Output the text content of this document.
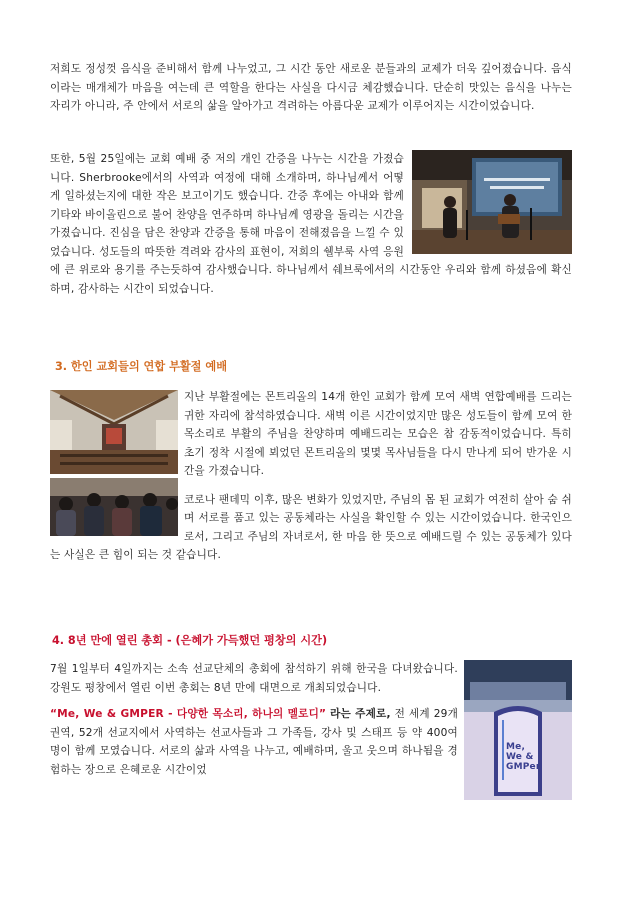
저희도 정성껏 음식을 준비해서 함께 나누었고, 그 시간 동안 새로운 분들과의 교제가 더욱 깊어졌습니다. 음식이라는 매개체가 마음을 여는데 큰 역할을 한다는 사실을 다시금 체감했습니다. 단순히 맛있는 음식을 나누는 자리가 아니라, 주 안에서 서로의 삶을 알아가고 격려하는 아름다운 교제가 이루어지는 시간이었습니다.

또한, 5월 25일에는 교회 예배 중 저의 개인 간증을 나누는 시간을 가졌습니다. Sherbrooke에서의 사역과 여정에 대해 소개하며, 하나님께서 어떻게 일하셨는지에 대한 작은 보고이기도 했습니다. 간증 후에는 아내와 함께 기타와 바이올린으로 불어 찬양을 연주하며 하나님께 영광을 돌리는 시간을 가졌습니다. 진심을 담은 찬양과 간증을 통해 마음이 전해졌음을 느낄 수 있었습니다. 성도들의 따뜻한 격려와 감사의 표현이, 저희의 쉘부룩 사역 응원에 큰 위로와 용기를 주는듯하여 감사했습니다. 하나님께서 쉐브룩에서의 시간동안 우리와 함께 하셨음에 확신하며, 감사하는 시간이 되었습니다.
3. 한인 교회들의 연합 부활절 예배

지난 부활절에는 몬트리올의 14개 한인 교회가 함께 모여 새벽 연합예배를 드리는 귀한 자리에 참석하였습니다. 새벽 이른 시간이었지만 많은 성도들이 함께 모여 한 목소리로 부활의 주님을 찬양하며 예배드리는 모습은 참 감동적이었습니다. 특히 초기 정착 시절에 뵈었던 몬트리올의 몇몇 목사님들을 다시 만나게 되어 반가운 시간을 가졌습니다.

코로나 팬데믹 이후, 많은 변화가 있었지만, 주님의 몸 된 교회가 여전히 살아 숨 쉬며 서로를 품고 있는 공동체라는 사실을 확인할 수 있는 시간이었습니다. 한국인으로서, 그리고 주님의 자녀로서, 한 마음 한 뜻으로 예배드릴 수 있는 공동체가 있다는 사실은 큰 힘이 되는 것 같습니다.

4. 8년 만에 열린 총회 - (은혜가 가득했던 평창의 시간)
Me,
We &
GMPer

7월 1일부터 4일까지는 소속 선교단체의 총회에 참석하기 위해 한국을 다녀왔습니다. 강원도 평창에서 열린 이번 총회는 8년 만에 대면으로 개최되었습니다.

“Me, We & GMPER - 다양한 목소리, 하나의 멜로디” 라는 주제로, 전 세계 29개 권역, 52개 선교지에서 사역하는 선교사들과 그 가족들, 강사 및 스태프 등 약 400여 명이 함께 모였습니다. 서로의 삶과 사역을 나누고, 예배하며, 울고 웃으며 하나됨을 경험하는 장으로 은혜로운 시간이었
